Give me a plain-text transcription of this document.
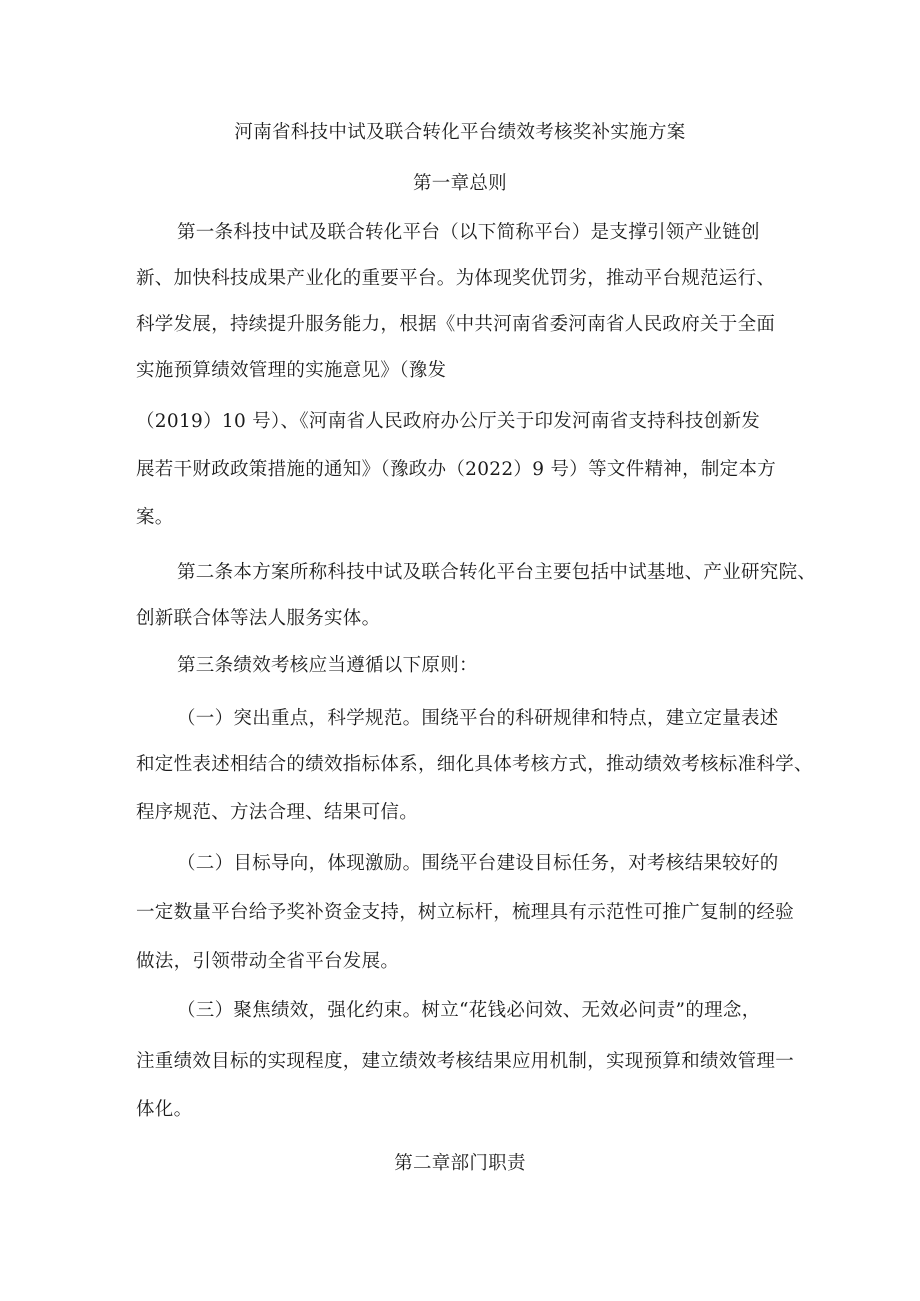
河南省科技中试及联合转化平台绩效考核奖补实施方案
第一章总则
第一条科技中试及联合转化平台（以下简称平台）是支撑引领产业链创
新、加快科技成果产业化的重要平台。为体现奖优罚劣，推动平台规范运行、
科学发展，持续提升服务能力，根据《中共河南省委河南省人民政府关于全面
实施预算绩效管理的实施意见》（豫发
（2019）10 号）、《河南省人民政府办公厅关于印发河南省支持科技创新发
展若干财政政策措施的通知》（豫政办（2022）9 号）等文件精神，制定本方
案。
第二条本方案所称科技中试及联合转化平台主要包括中试基地、产业研究院、
创新联合体等法人服务实体。
第三条绩效考核应当遵循以下原则：
（一）突出重点，科学规范。围绕平台的科研规律和特点，建立定量表述
和定性表述相结合的绩效指标体系，细化具体考核方式，推动绩效考核标准科学、
程序规范、方法合理、结果可信。
（二）目标导向，体现激励。围绕平台建设目标任务，对考核结果较好的
一定数量平台给予奖补资金支持，树立标杆，梳理具有示范性可推广复制的经验
做法，引领带动全省平台发展。
（三）聚焦绩效，强化约束。树立“花钱必问效、无效必问责”的理念，
注重绩效目标的实现程度，建立绩效考核结果应用机制，实现预算和绩效管理一
体化。
第二章部门职责
